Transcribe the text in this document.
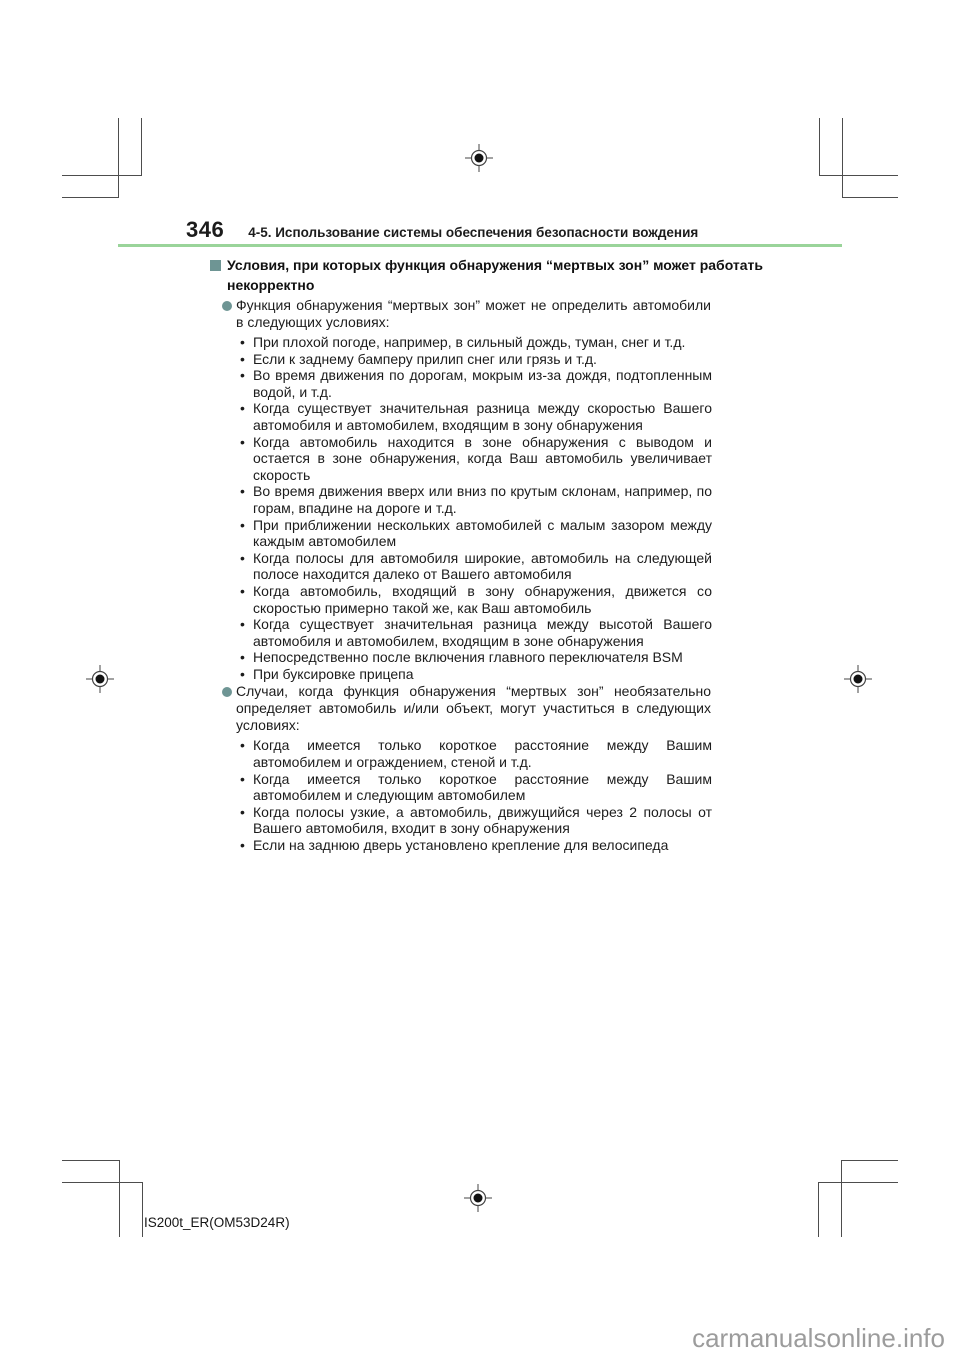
346 4-5. Использование системы обеспечения безопасности вождения
Условия, при которых функция обнаружения “мертвых зон” может работать некорректно

Функция обнаружения “мертвых зон” может не определить автомобили в следующих условиях:

• При плохой погоде, например, в сильный дождь, туман, снег и т.д.
• Если к заднему бамперу прилип снег или грязь и т.д.
• Во время движения по дорогам, мокрым из-за дождя, подтопленным водой, и т.д.
• Когда существует значительная разница между скоростью Вашего автомобиля и автомобилем, входящим в зону обнаружения
• Когда автомобиль находится в зоне обнаружения с выводом и остается в зоне обнаружения, когда Ваш автомобиль увеличивает скорость
• Во время движения вверх или вниз по крутым склонам, например, по горам, впадине на дороге и т.д.
• При приближении нескольких автомобилей с малым зазором между каждым автомобилем
• Когда полосы для автомобиля широкие, автомобиль на следующей полосе находится далеко от Вашего автомобиля
• Когда автомобиль, входящий в зону обнаружения, движется со скоростью примерно такой же, как Ваш автомобиль
• Когда существует значительная разница между высотой Вашего автомобиля и автомобилем, входящим в зоне обнаружения
• Непосредственно после включения главного переключателя BSM
• При буксировке прицепа

Случаи, когда функция обнаружения “мертвых зон” необязательно определяет автомобиль и/или объект, могут участиться в следующих условиях:

• Когда имеется только короткое расстояние между Вашим автомобилем и ограждением, стеной и т.д.
• Когда имеется только короткое расстояние между Вашим автомобилем и следующим автомобилем
• Когда полосы узкие, а автомобиль, движущийся через 2 полосы от Вашего автомобиля, входит в зону обнаружения
• Если на заднюю дверь установлено крепление для велосипеда
IS200t_ER(OM53D24R)
carmanualsonline.info
